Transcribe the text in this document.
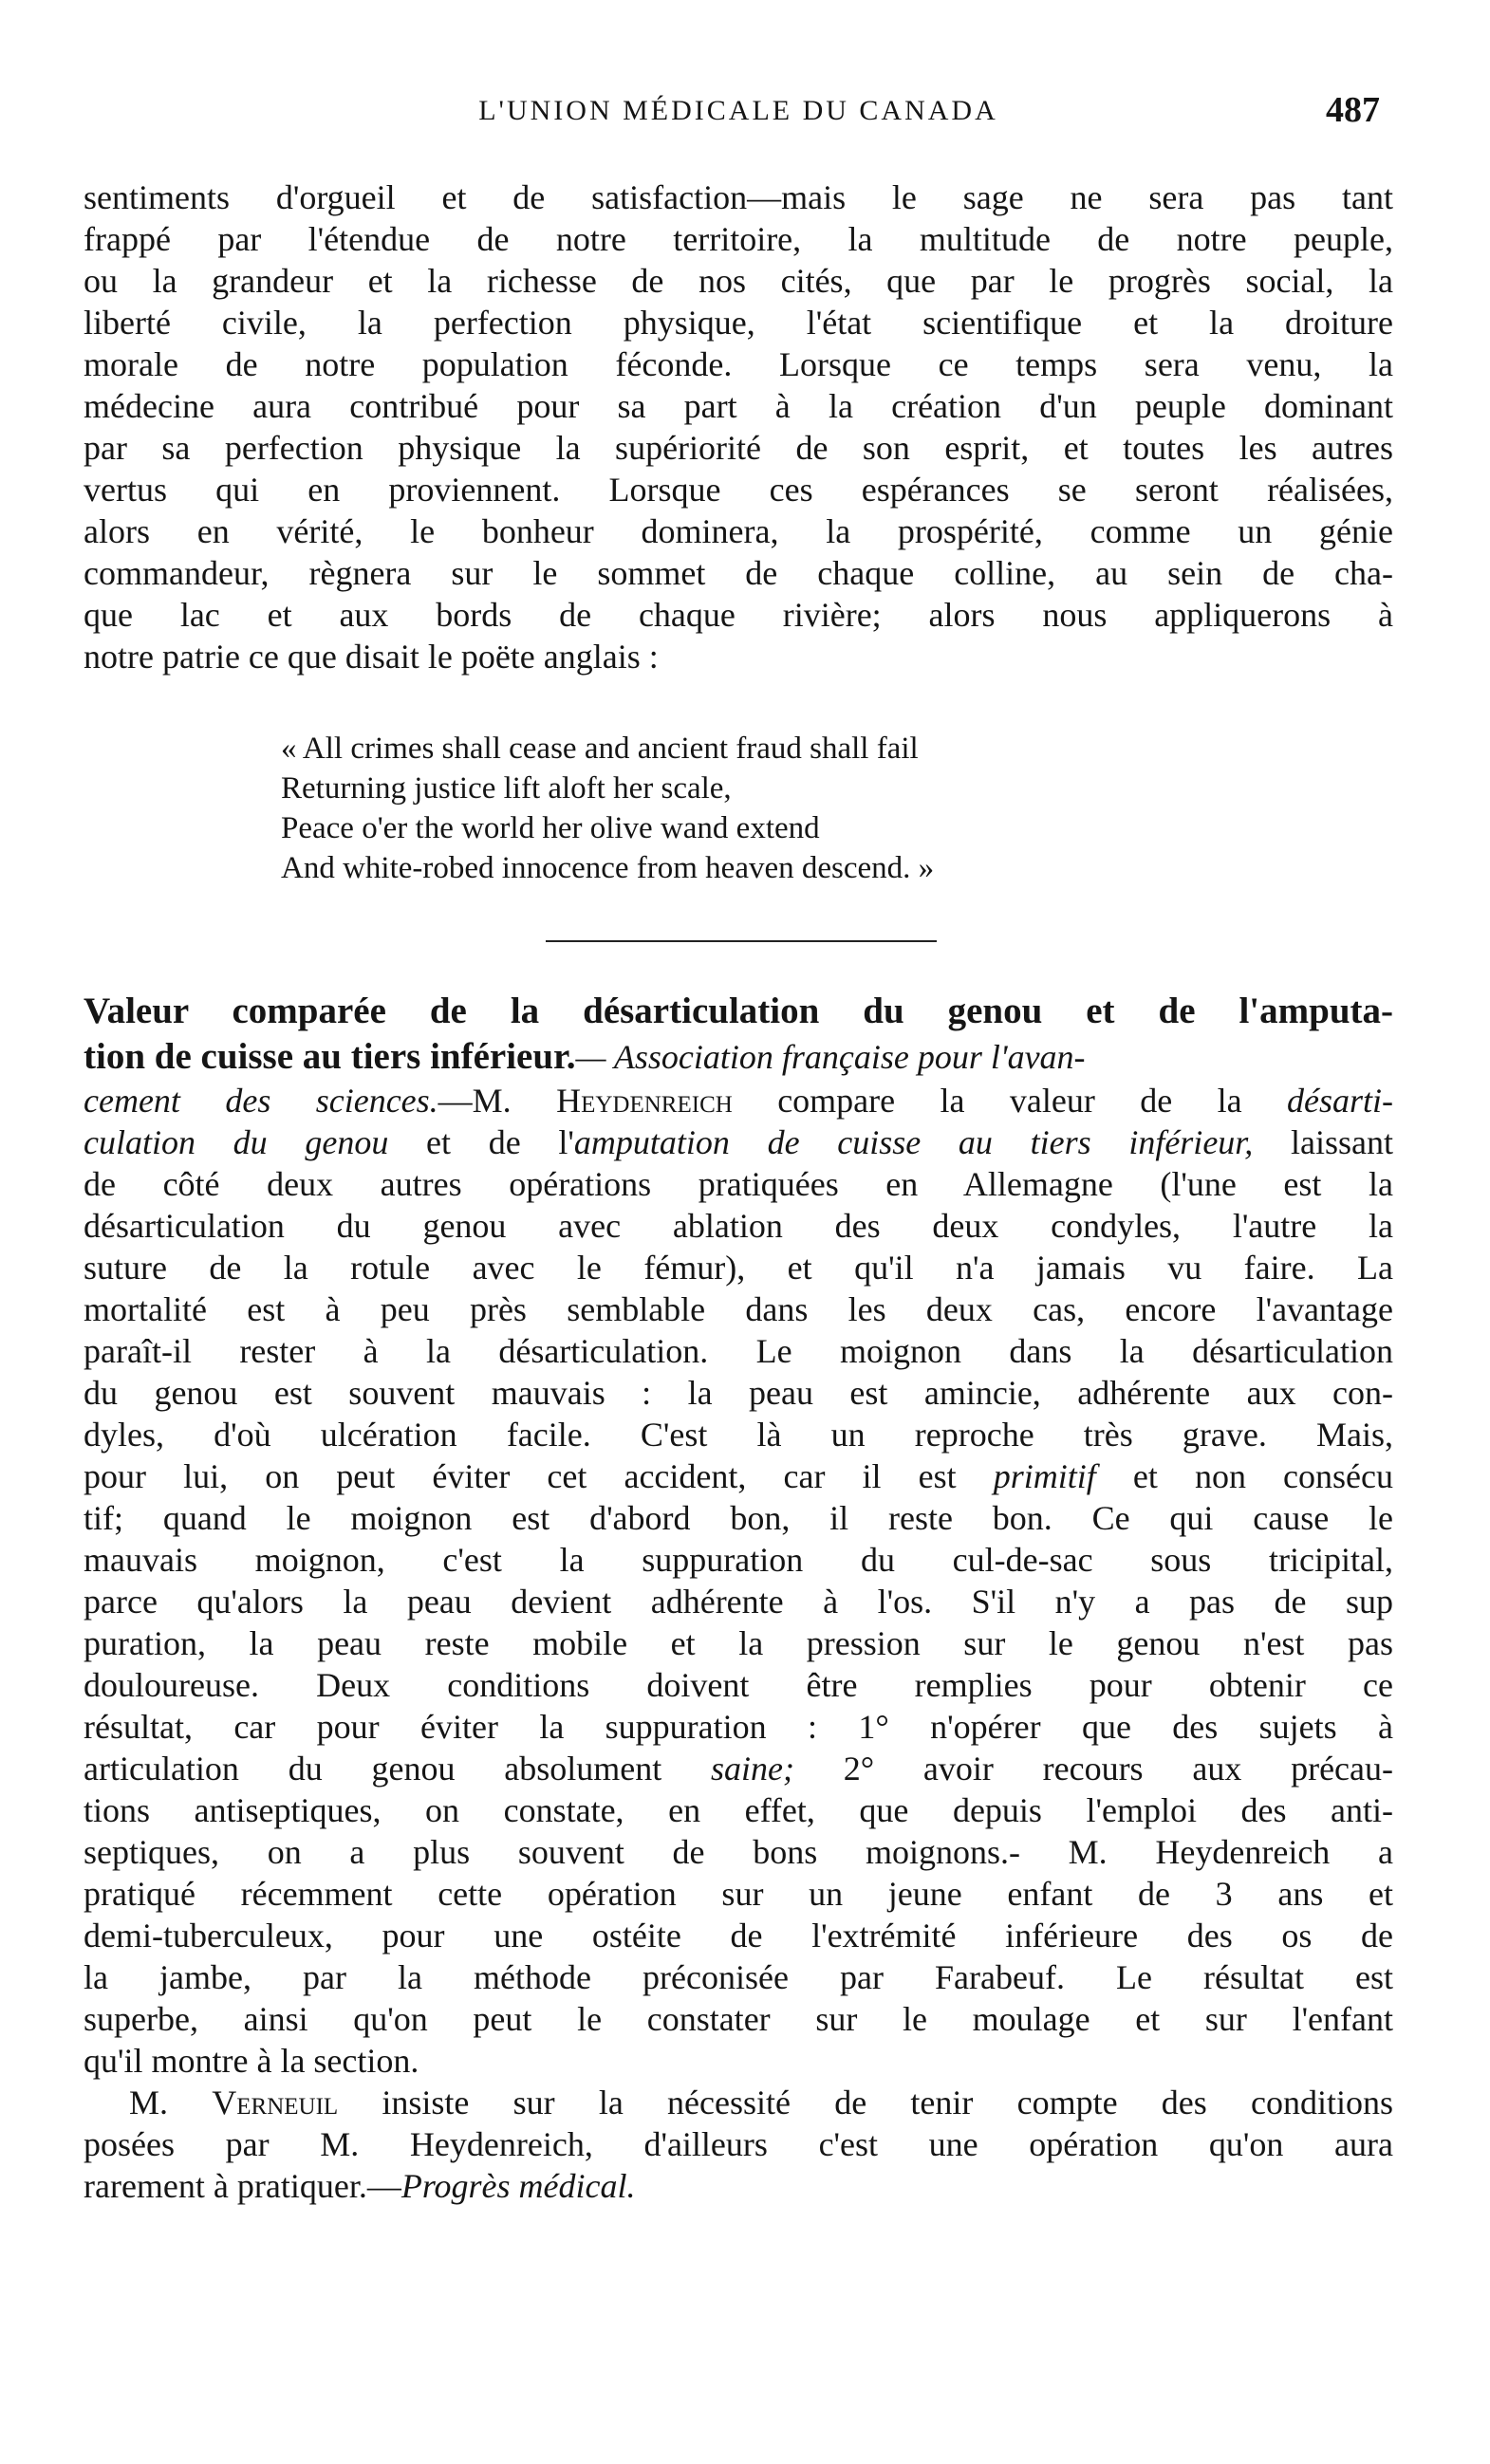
L'UNION MÉDICALE DU CANADA	487
sentiments d'orgueil et de satisfaction—mais le sage ne sera pas tant
frappé par l'étendue de notre territoire, la multitude de notre peuple,
ou la grandeur et la richesse de nos cités, que par le progrès social, la
liberté civile, la perfection physique, l'état scientifique et la droiture
morale de notre population féconde. Lorsque ce temps sera venu, la
médecine aura contribué pour sa part à la création d'un peuple dominant
par sa perfection physique la supériorité de son esprit, et toutes les autres
vertus qui en proviennent. Lorsque ces espérances se seront réalisées,
alors en vérité, le bonheur dominera, la prospérité, comme un génie
commandeur, règnera sur le sommet de chaque colline, au sein de cha-
que lac et aux bords de chaque rivière; alors nous appliquerons à
notre patrie ce que disait le poëte anglais :
« All crimes shall cease and ancient fraud shall fail
Returning justice lift aloft her scale,
Peace o'er the world her olive wand extend
And white-robed innocence from heaven descend. »
Valeur comparée de la désarticulation du genou et de l'amputa-
tion de cuisse au tiers inférieur.— Association française pour l'avan-
cement des sciences.—M. Heydenreich compare la valeur de la désarti-
culation du genou et de l'amputation de cuisse au tiers inférieur, laissant
de côté deux autres opérations pratiquées en Allemagne (l'une est la
désarticulation du genou avec ablation des deux condyles, l'autre la
suture de la rotule avec le fémur), et qu'il n'a jamais vu faire. La
mortalité est à peu près semblable dans les deux cas, encore l'avantage
paraît-il rester à la désarticulation. Le moignon dans la désarticulation
du genou est souvent mauvais : la peau est amincie, adhérente aux con-
dyles, d'où ulcération facile. C'est là un reproche très grave. Mais,
pour lui, on peut éviter cet accident, car il est primitif et non consécu
tif; quand le moignon est d'abord bon, il reste bon. Ce qui cause le
mauvais moignon, c'est la suppuration du cul-de-sac sous tricipital,
parce qu'alors la peau devient adhérente à l'os. S'il n'y a pas de sup
puration, la peau reste mobile et la pression sur le genou n'est pas
douloureuse. Deux conditions doivent être remplies pour obtenir ce
résultat, car pour éviter la suppuration : 1° n'opérer que des sujets à
articulation du genou absolument saine; 2° avoir recours aux précau-
tions antiseptiques, on constate, en effet, que depuis l'emploi des anti-
septiques, on a plus souvent de bons moignons.- M. Heydenreich a
pratiqué récemment cette opération sur un jeune enfant de 3 ans et
demi-tuberculeux, pour une ostéite de l'extrémité inférieure des os de
la jambe, par la méthode préconisée par Farabeuf. Le résultat est
superbe, ainsi qu'on peut le constater sur le moulage et sur l'enfant
qu'il montre à la section.
M. Verneuil insiste sur la nécessité de tenir compte des conditions
posées par M. Heydenreich, d'ailleurs c'est une opération qu'on aura
rarement à pratiquer.—Progrès médical.
